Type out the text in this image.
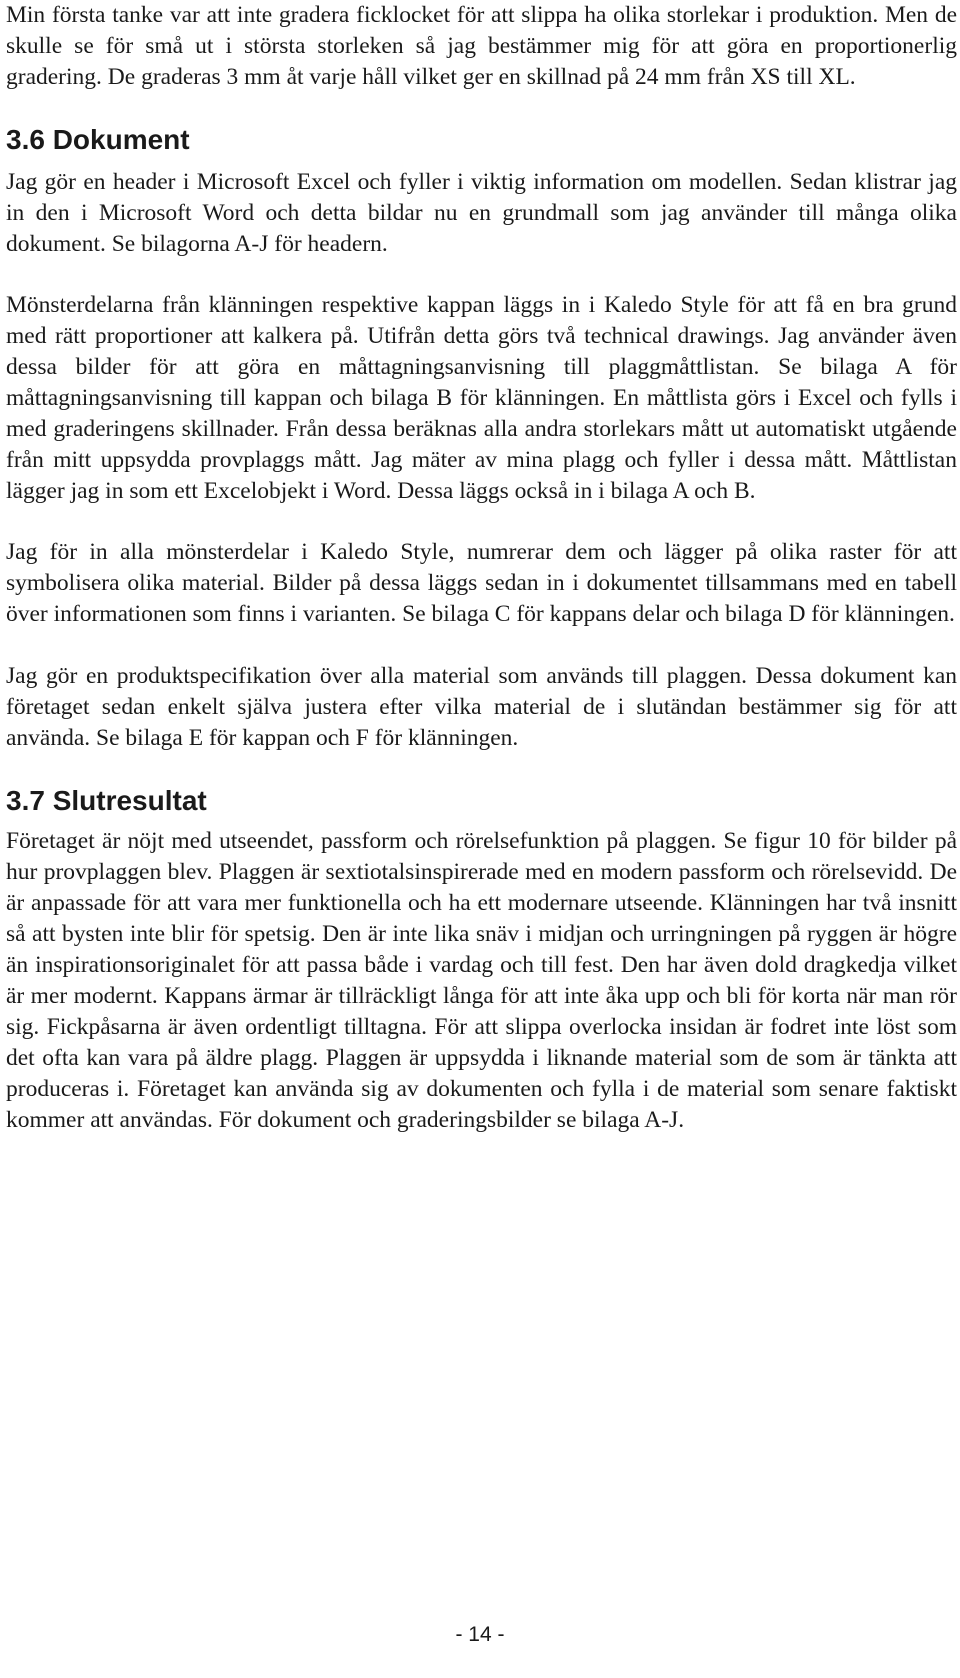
Min första tanke var att inte gradera ficklocket för att slippa ha olika storlekar i produktion. Men de skulle se för små ut i största storleken så jag bestämmer mig för att göra en proportionerlig gradering. De graderas 3 mm åt varje håll vilket ger en skillnad på 24 mm från XS till XL.

3.6 Dokument

Jag gör en header i Microsoft Excel och fyller i viktig information om modellen. Sedan klistrar jag in den i Microsoft Word och detta bildar nu en grundmall som jag använder till många olika dokument. Se bilagorna A-J för headern.

Mönsterdelarna från klänningen respektive kappan läggs in i Kaledo Style för att få en bra grund med rätt proportioner att kalkera på. Utifrån detta görs två technical drawings. Jag använder även dessa bilder för att göra en måttagningsanvisning till plaggmåttlistan. Se bilaga A för måttagningsanvisning till kappan och bilaga B för klänningen. En måttlista görs i Excel och fylls i med graderingens skillnader. Från dessa beräknas alla andra storlekars mått ut automatiskt utgående från mitt uppsydda provplaggs mått. Jag mäter av mina plagg och fyller i dessa mått. Måttlistan lägger jag in som ett Excelobjekt i Word. Dessa läggs också in i bilaga A och B.

Jag för in alla mönsterdelar i Kaledo Style, numrerar dem och lägger på olika raster för att symbolisera olika material. Bilder på dessa läggs sedan in i dokumentet tillsammans med en tabell över informationen som finns i varianten. Se bilaga C för kappans delar och bilaga D för klänningen.

Jag gör en produktspecifikation över alla material som används till plaggen. Dessa dokument kan företaget sedan enkelt själva justera efter vilka material de i slutändan bestämmer sig för att använda. Se bilaga E för kappan och F för klänningen.

3.7 Slutresultat

Företaget är nöjt med utseendet, passform och rörelsefunktion på plaggen. Se figur 10 för bilder på hur provplaggen blev. Plaggen är sextiotalsinspirerade med en modern passform och rörelsevidd. De är anpassade för att vara mer funktionella och ha ett modernare utseende. Klänningen har två insnitt så att bysten inte blir för spetsig. Den är inte lika snäv i midjan och urringningen på ryggen är högre än inspirationsoriginalet för att passa både i vardag och till fest. Den har även dold dragkedja vilket är mer modernt. Kappans ärmar är tillräckligt långa för att inte åka upp och bli för korta när man rör sig. Fickpåsarna är även ordentligt tilltagna. För att slippa overlocka insidan är fodret inte löst som det ofta kan vara på äldre plagg. Plaggen är uppsydda i liknande material som de som är tänkta att produceras i. Företaget kan använda sig av dokumenten och fylla i de material som senare faktiskt kommer att användas. För dokument och graderingsbilder se bilaga A-J.

- 14 -
